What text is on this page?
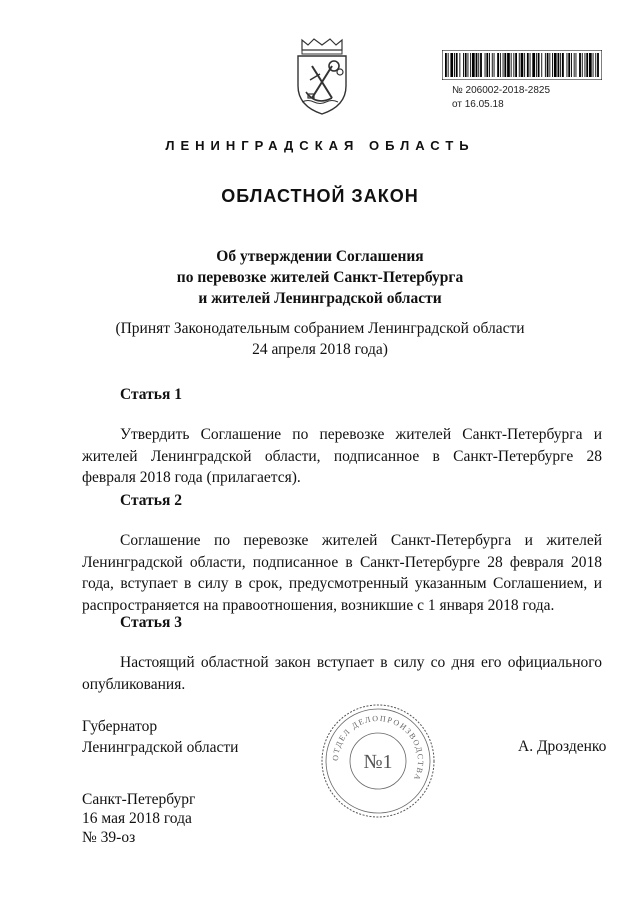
№ 206002-2018-2825
от 16.05.18
ЛЕНИНГРАДСКАЯ ОБЛАСТЬ
ОБЛАСТНОЙ ЗАКОН
Об утверждении Соглашения
по перевозке жителей Санкт-Петербурга
и жителей Ленинградской области
(Принят Законодательным собранием Ленинградской области
24 апреля 2018 года)
Статья 1

Утвердить Соглашение по перевозке жителей Санкт-Петербурга и жителей Ленинградской области, подписанное в Санкт-Петербурге 28 февраля 2018 года (прилагается).

Статья 2

Соглашение по перевозке жителей Санкт-Петербурга и жителей Ленинградской области, подписанное в Санкт-Петербурге 28 февраля 2018 года, вступает в силу в срок, предусмотренный указанным Соглашением, и распространяется на правоотношения, возникшие с 1 января 2018 года.

Статья 3

Настоящий областной закон вступает в силу со дня его официального опубликования.

ОТДЕЛ ДЕЛОПРОИЗВОДСТВА
№1
Губернатор
Ленинградской области	А. Дрозденко
Санкт-Петербург
16 мая 2018 года
№ 39-оз
